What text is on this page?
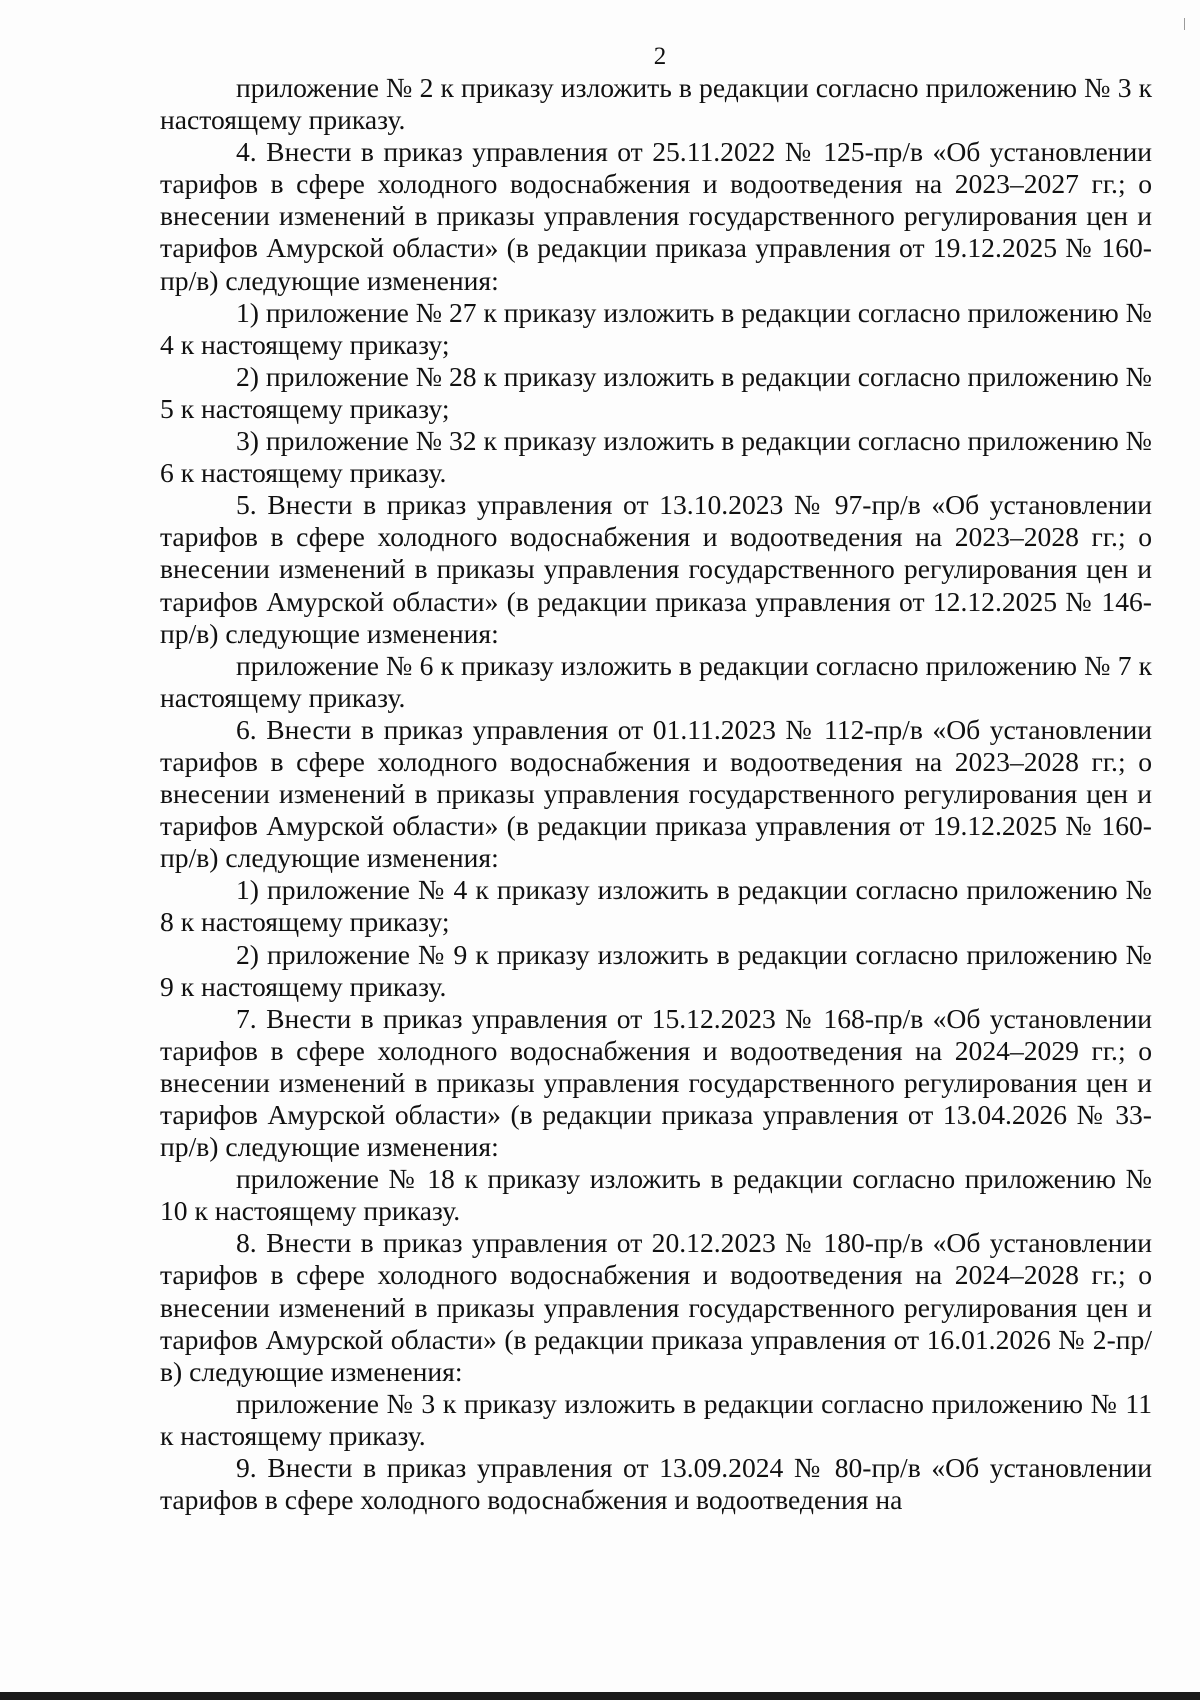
2

приложение № 2 к приказу изложить в редакции согласно приложению № 3 к настоящему приказу.

4. Внести в приказ управления от 25.11.2022 № 125-пр/в «Об установлении тарифов в сфере холодного водоснабжения и водоотведения на 2023–2027 гг.; о внесении изменений в приказы управления государственного регулирования цен и тарифов Амурской области» (в редакции приказа управления от 19.12.2025 № 160-пр/в) следующие изменения:

1) приложение № 27 к приказу изложить в редакции согласно приложению № 4 к настоящему приказу;

2) приложение № 28 к приказу изложить в редакции согласно приложению № 5 к настоящему приказу;

3) приложение № 32 к приказу изложить в редакции согласно приложению № 6 к настоящему приказу.

5. Внести в приказ управления от 13.10.2023 № 97-пр/в «Об установлении тарифов в сфере холодного водоснабжения и водоотведения на 2023–2028 гг.; о внесении изменений в приказы управления государственного регулирования цен и тарифов Амурской области» (в редакции приказа управления от 12.12.2025 № 146-пр/в) следующие изменения:

приложение № 6 к приказу изложить в редакции согласно приложению № 7 к настоящему приказу.

6. Внести в приказ управления от 01.11.2023 № 112-пр/в «Об установлении тарифов в сфере холодного водоснабжения и водоотведения на 2023–2028 гг.; о внесении изменений в приказы управления государственного регулирования цен и тарифов Амурской области» (в редакции приказа управления от 19.12.2025 № 160-пр/в) следующие изменения:

1) приложение № 4 к приказу изложить в редакции согласно приложению № 8 к настоящему приказу;

2) приложение № 9 к приказу изложить в редакции согласно приложению № 9 к настоящему приказу.

7. Внести в приказ управления от 15.12.2023 № 168-пр/в «Об установлении тарифов в сфере холодного водоснабжения и водоотведения на 2024–2029 гг.; о внесении изменений в приказы управления государственного регулирования цен и тарифов Амурской области» (в редакции приказа управления от 13.04.2026 № 33-пр/в) следующие изменения:

приложение № 18 к приказу изложить в редакции согласно приложению № 10 к настоящему приказу.

8. Внести в приказ управления от 20.12.2023 № 180-пр/в «Об установлении тарифов в сфере холодного водоснабжения и водоотведения на 2024–2028 гг.; о внесении изменений в приказы управления государственного регулирования цен и тарифов Амурской области» (в редакции приказа управления от 16.01.2026 № 2-пр/в) следующие изменения:

приложение № 3 к приказу изложить в редакции согласно приложению № 11 к настоящему приказу.

9. Внести в приказ управления от 13.09.2024 № 80-пр/в «Об установлении тарифов в сфере холодного водоснабжения и водоотведения на
